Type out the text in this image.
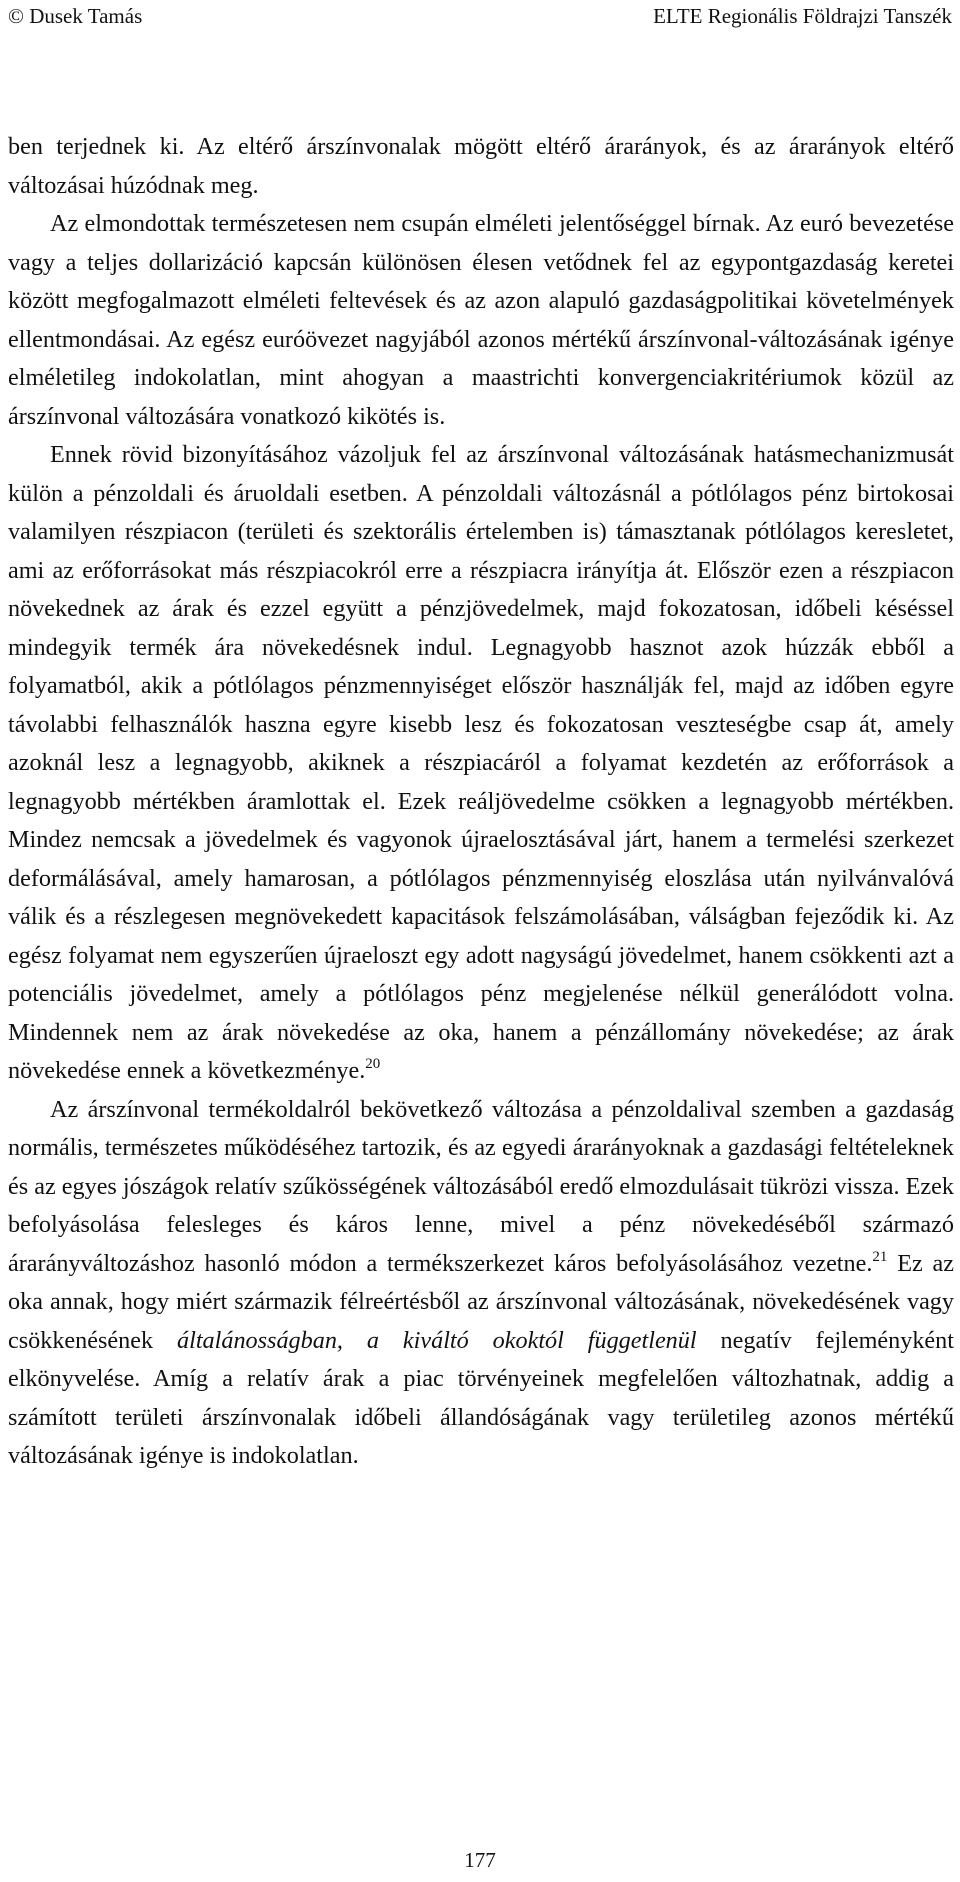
© Dusek Tamás	ELTE Regionális Földrajzi Tanszék

ben terjednek ki. Az eltérő árszínvonalak mögött eltérő árarányok, és az árarányok eltérő változásai húzódnak meg.

Az elmondottak természetesen nem csupán elméleti jelentőséggel bírnak. Az euró bevezetése vagy a teljes dollarizáció kapcsán különösen élesen vetődnek fel az egypontgazdaság keretei között megfogalmazott elméleti feltevések és az azon alapuló gazdaságpolitikai követelmények ellentmondásai. Az egész euróövezet nagyjából azonos mértékű árszínvonal-változásának igénye elméletileg indokolatlan, mint ahogyan a maastrichti konvergenciakritériumok közül az árszínvonal változására vonatkozó kikötés is.

Ennek rövid bizonyításához vázoljuk fel az árszínvonal változásának hatásmechanizmusát külön a pénzoldali és áruoldali esetben. A pénzoldali változásnál a pótlólagos pénz birtokosai valamilyen részpiacon (területi és szektorális értelemben is) támasztanak pótlólagos keresletet, ami az erőforrásokat más részpiacokról erre a részpiacra irányítja át. Először ezen a részpiacon növekednek az árak és ezzel együtt a pénzjövedelmek, majd fokozatosan, időbeli késéssel mindegyik termék ára növekedésnek indul. Legnagyobb hasznot azok húzzák ebből a folyamatból, akik a pótlólagos pénzmennyiséget először használják fel, majd az időben egyre távolabbi felhasználók haszna egyre kisebb lesz és fokozatosan veszteségbe csap át, amely azoknál lesz a legnagyobb, akiknek a részpiacáról a folyamat kezdetén az erőforrások a legnagyobb mértékben áramlottak el. Ezek reáljövedelme csökken a legnagyobb mértékben. Mindez nemcsak a jövedelmek és vagyonok újraelosztásával járt, hanem a termelési szerkezet deformálásával, amely hamarosan, a pótlólagos pénzmennyiség eloszlása után nyilvánvalóvá válik és a részlegesen megnövekedett kapacitások felszámolásában, válságban fejeződik ki. Az egész folyamat nem egyszerűen újraeloszt egy adott nagyságú jövedelmet, hanem csökkenti azt a potenciális jövedelmet, amely a pótlólagos pénz megjelenése nélkül generálódott volna. Mindennek nem az árak növekedése az oka, hanem a pénzállomány növekedése; az árak növekedése ennek a következménye.$^{20}$

Az árszínvonal termékoldalról bekövetkező változása a pénzoldalival szemben a gazdaság normális, természetes működéséhez tartozik, és az egyedi árarányoknak a gazdasági feltételeknek és az egyes jószágok relatív szűkösségének változásából eredő elmozdulásait tükrözi vissza. Ezek befolyásolása felesleges és káros lenne, mivel a pénz növekedéséből származó árarányváltozáshoz hasonló módon a termékszerkezet káros befolyásolásához vezetne.$^{21}$ Ez az oka annak, hogy miért származik félreértésből az árszínvonal változásának, növekedésének vagy csökkenésének általánosságban, a kiváltó okoktól függetlenül negatív fejleményként elkönyvelése. Amíg a relatív árak a piac törvényeinek megfelelően változhatnak, addig a számított területi árszínvonalak időbeli állandóságának vagy területileg azonos mértékű változásának igénye is indokolatlan.

177
